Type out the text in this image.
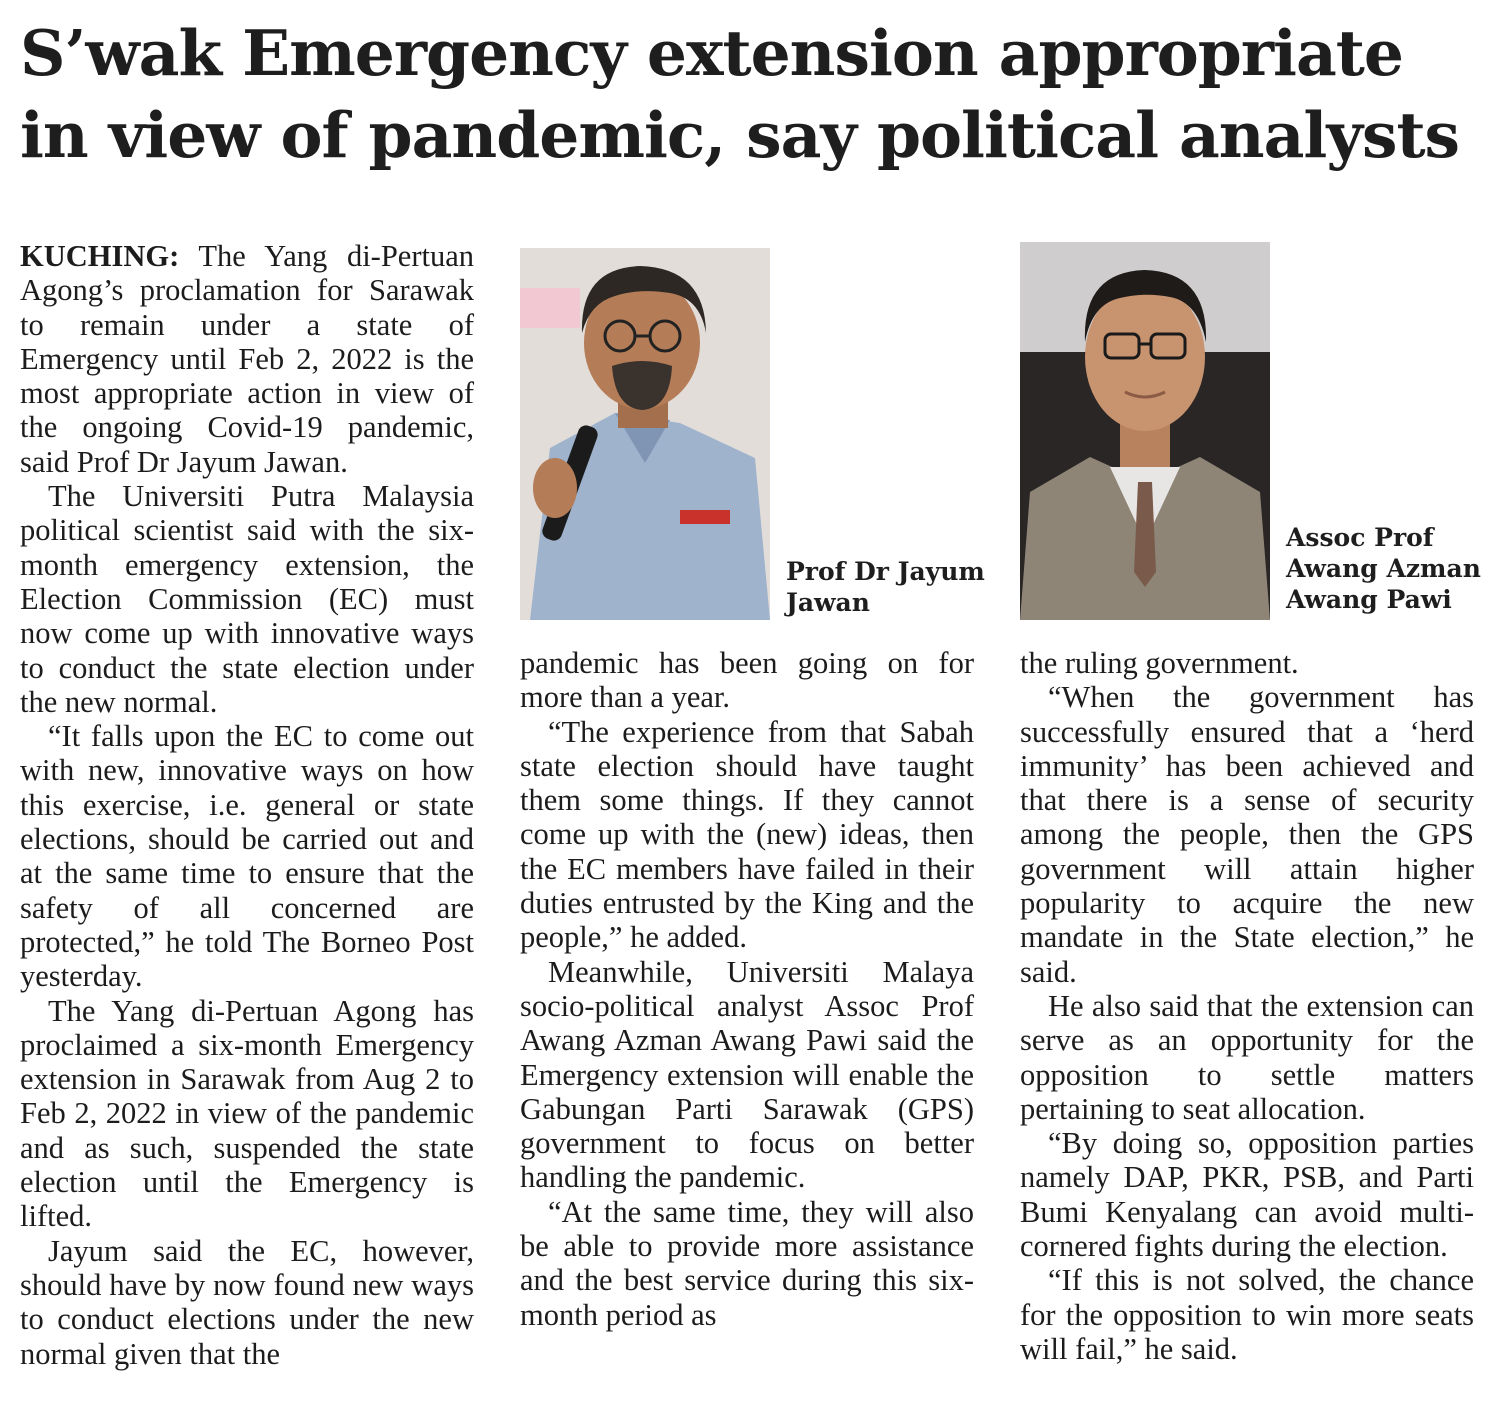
S’wak Emergency extension appropriate in view of pandemic, say political analysts

KUCHING: The Yang di-Pertuan Agong’s proclamation for Sarawak to remain under a state of Emergency until Feb 2, 2022 is the most appropriate action in view of the ongoing Covid-19 pandemic, said Prof Dr Jayum Jawan.

The Universiti Putra Malaysia political scientist said with the six-month emergency extension, the Election Commission (EC) must now come up with innovative ways to conduct the state election under the new normal.

“It falls upon the EC to come out with new, innovative ways on how this exercise, i.e. general or state elections, should be carried out and at the same time to ensure that the safety of all concerned are protected,” he told The Borneo Post yesterday.

The Yang di-Pertuan Agong has proclaimed a six-month Emergency extension in Sarawak from Aug 2 to Feb 2, 2022 in view of the pandemic and as such, suspended the state election until the Emergency is lifted.

Jayum said the EC, however, should have by now found new ways to conduct elections under the new normal given that the

Prof Dr Jayum
Jawan

pandemic has been going on for more than a year.

“The experience from that Sabah state election should have taught them some things. If they cannot come up with the (new) ideas, then the EC members have failed in their duties entrusted by the King and the people,” he added.

Meanwhile, Universiti Malaya socio-political analyst Assoc Prof Awang Azman Awang Pawi said the Emergency extension will enable the Gabungan Parti Sarawak (GPS) government to focus on better handling the pandemic.

“At the same time, they will also be able to provide more assistance and the best service during this six-month period as

Assoc Prof
Awang Azman
Awang Pawi

the ruling government.

“When the government has successfully ensured that a ‘herd immunity’ has been achieved and that there is a sense of security among the people, then the GPS government will attain higher popularity to acquire the new mandate in the State election,” he said.

He also said that the extension can serve as an opportunity for the opposition to settle matters pertaining to seat allocation.

“By doing so, opposition parties namely DAP, PKR, PSB, and Parti Bumi Kenyalang can avoid multi-cornered fights during the election.

“If this is not solved, the chance for the opposition to win more seats will fail,” he said.
